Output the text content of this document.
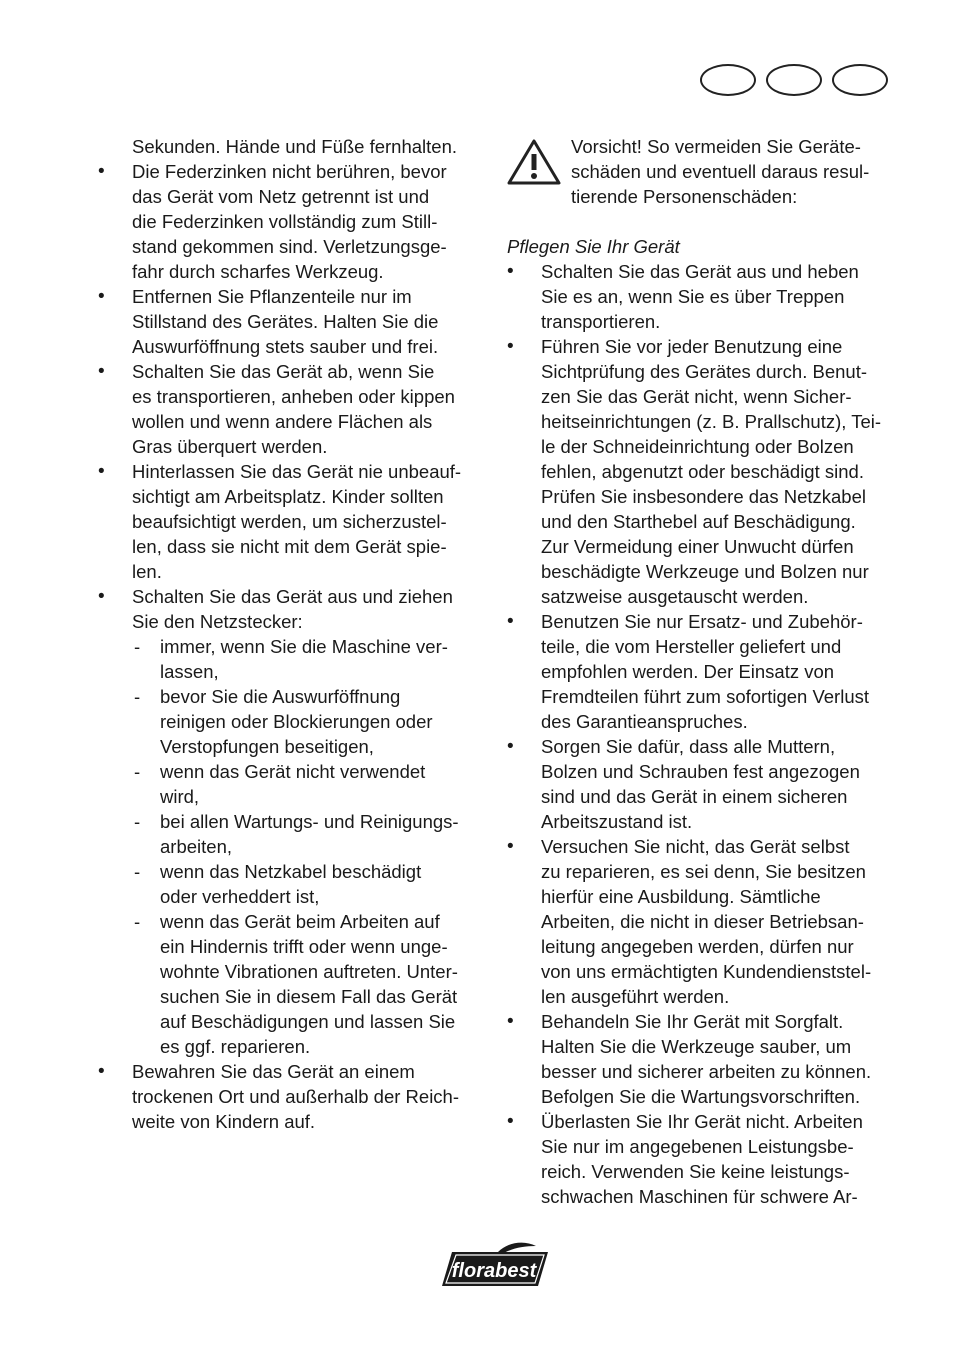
Sekunden. Hände und Füße fernhalten.
• Die Federzinken nicht berühren, bevor
das Gerät vom Netz getrennt ist und
die Federzinken vollständig zum Still-
stand gekommen sind. Verletzungsge-
fahr durch scharfes Werkzeug.
• Entfernen Sie Pflanzenteile nur im
Stillstand des Gerätes. Halten Sie die
Auswurföffnung stets sauber und frei.
• Schalten Sie das Gerät ab, wenn Sie
es transportieren, anheben oder kippen
wollen und wenn andere Flächen als
Gras überquert werden.
• Hinterlassen Sie das Gerät nie unbeauf-
sichtigt am Arbeitsplatz. Kinder sollten
beaufsichtigt werden, um sicherzustel-
len, dass sie nicht mit dem Gerät spie-
len.
• Schalten Sie das Gerät aus und ziehen
Sie den Netzstecker:
- immer, wenn Sie die Maschine ver-
lassen,
- bevor Sie die Auswurföffnung
reinigen oder Blockierungen oder
Verstopfungen beseitigen,
- wenn das Gerät nicht verwendet
wird,
- bei allen Wartungs- und Reinigungs-
arbeiten,
- wenn das Netzkabel beschädigt
oder verheddert ist,
- wenn das Gerät beim Arbeiten auf
ein Hindernis trifft oder wenn unge-
wohnte Vibrationen auftreten. Unter-
suchen Sie in diesem Fall das Gerät
auf Beschädigungen und lassen Sie
es ggf. reparieren.
• Bewahren Sie das Gerät an einem
trockenen Ort und außerhalb der Reich-
weite von Kindern auf.
Vorsicht! So vermeiden Sie Geräte-
schäden und eventuell daraus resul-
tierende Personenschäden:
Pflegen Sie Ihr Gerät
• Schalten Sie das Gerät aus und heben
Sie es an, wenn Sie es über Treppen
transportieren.
• Führen Sie vor jeder Benutzung eine
Sichtprüfung des Gerätes durch. Benut-
zen Sie das Gerät nicht, wenn Sicher-
heitseinrichtungen (z. B. Prallschutz), Tei-
le der Schneideinrichtung oder Bolzen
fehlen, abgenutzt oder beschädigt sind.
Prüfen Sie insbesondere das Netzkabel
und den Starthebel auf Beschädigung.
Zur Vermeidung einer Unwucht dürfen
beschädigte Werkzeuge und Bolzen nur
satzweise ausgetauscht werden.
• Benutzen Sie nur Ersatz- und Zubehör-
teile, die vom Hersteller geliefert und
empfohlen werden. Der Einsatz von
Fremdteilen führt zum sofortigen Verlust
des Garantieanspruches.
• Sorgen Sie dafür, dass alle Muttern,
Bolzen und Schrauben fest angezogen
sind und das Gerät in einem sicheren
Arbeitszustand ist.
• Versuchen Sie nicht, das Gerät selbst
zu reparieren, es sei denn, Sie besitzen
hierfür eine Ausbildung. Sämtliche
Arbeiten, die nicht in dieser Betriebsan-
leitung angegeben werden, dürfen nur
von uns ermächtigten Kundendienststel-
len ausgeführt werden.
• Behandeln Sie Ihr Gerät mit Sorgfalt.
Halten Sie die Werkzeuge sauber, um
besser und sicherer arbeiten zu können.
Befolgen Sie die Wartungsvorschriften.
• Überlasten Sie Ihr Gerät nicht. Arbeiten
Sie nur im angegebenen Leistungsbe-
reich. Verwenden Sie keine leistungs-
schwachen Maschinen für schwere Ar-
florabest
